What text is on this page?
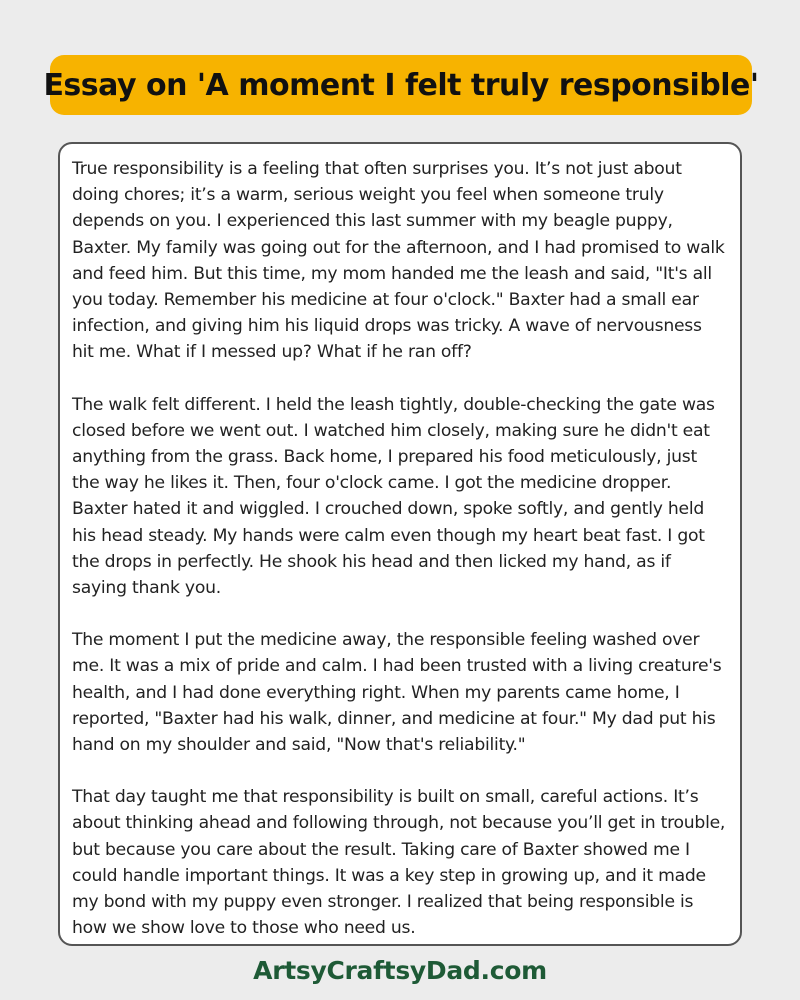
Essay on 'A moment I felt truly responsible'

True responsibility is a feeling that often surprises you. It’s not just about doing chores; it’s a warm, serious weight you feel when someone truly depends on you. I experienced this last summer with my beagle puppy, Baxter. My family was going out for the afternoon, and I had promised to walk and feed him. But this time, my mom handed me the leash and said, "It's all you today. Remember his medicine at four o'clock." Baxter had a small ear infection, and giving him his liquid drops was tricky. A wave of nervousness hit me. What if I messed up? What if he ran off?

The walk felt different. I held the leash tightly, double-checking the gate was closed before we went out. I watched him closely, making sure he didn't eat anything from the grass. Back home, I prepared his food meticulously, just the way he likes it. Then, four o'clock came. I got the medicine dropper. Baxter hated it and wiggled. I crouched down, spoke softly, and gently held his head steady. My hands were calm even though my heart beat fast. I got the drops in perfectly. He shook his head and then licked my hand, as if saying thank you.

The moment I put the medicine away, the responsible feeling washed over me. It was a mix of pride and calm. I had been trusted with a living creature's health, and I had done everything right. When my parents came home, I reported, "Baxter had his walk, dinner, and medicine at four." My dad put his hand on my shoulder and said, "Now that's reliability."

That day taught me that responsibility is built on small, careful actions. It’s about thinking ahead and following through, not because you’ll get in trouble, but because you care about the result. Taking care of Baxter showed me I could handle important things. It was a key step in growing up, and it made my bond with my puppy even stronger. I realized that being responsible is how we show love to those who need us.

ArtsyCraftsyDad.com
